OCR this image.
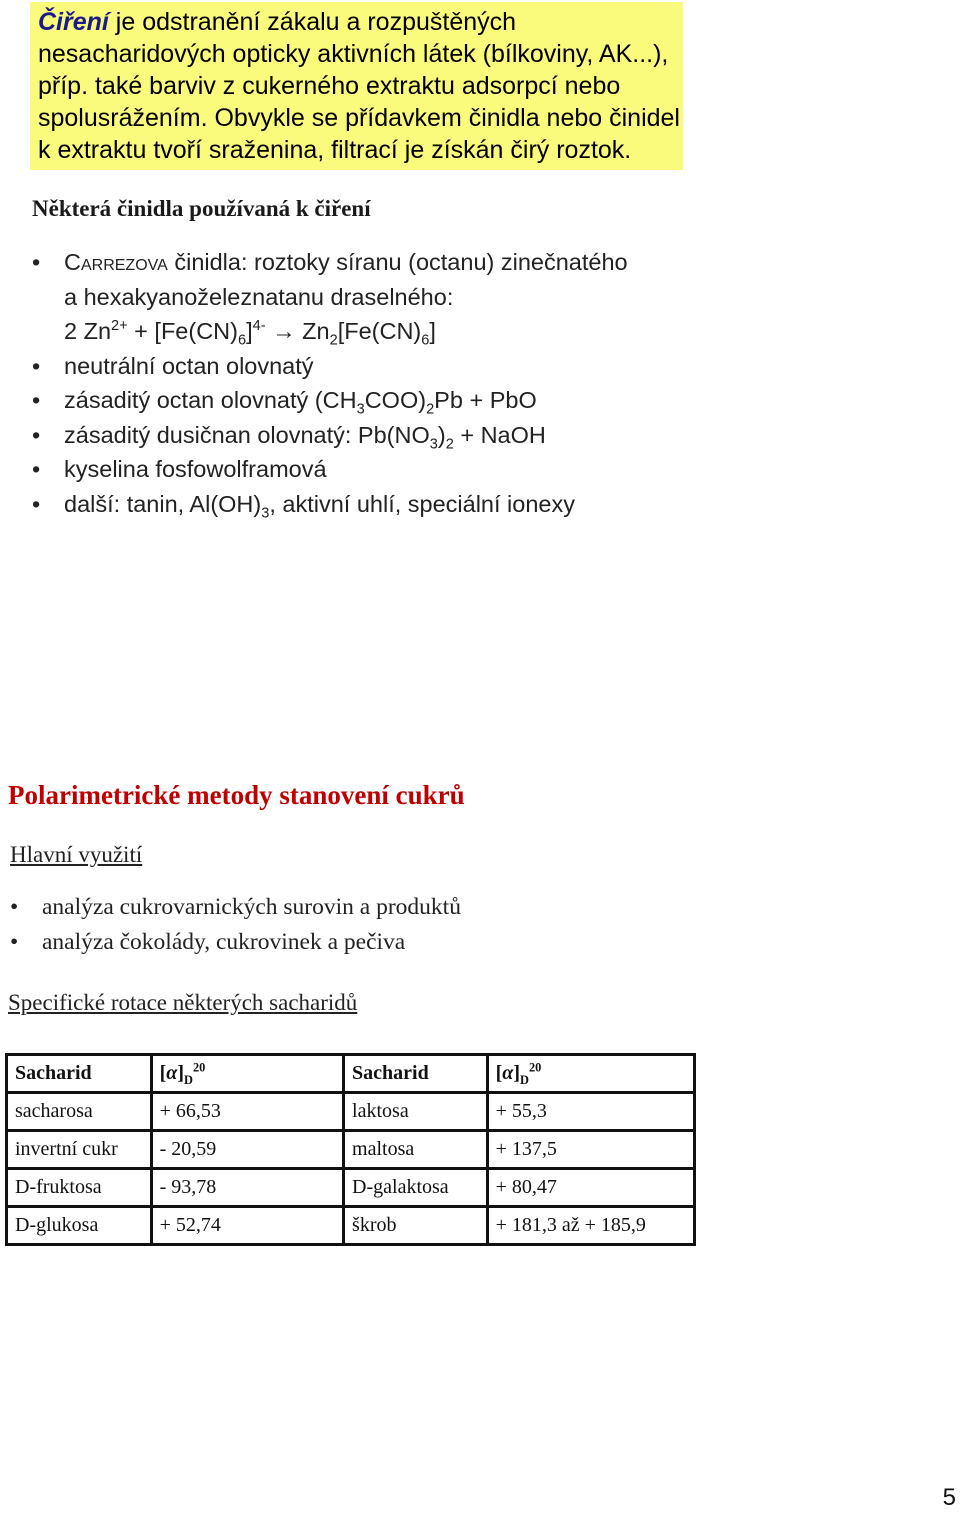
Čiření je odstranění zákalu a rozpuštěných nesacharidových opticky aktivních látek (bílkoviny, AK...), příp. také barviv z cukerného extraktu adsorpcí nebo spolusrážením. Obvykle se přídavkem činidla nebo činidel k extraktu tvoří sraženina, filtrací je získán čirý roztok.

Některá činidla používaná k čiření
• Carrezova činidla: roztoky síranu (octanu) zinečnatého
a hexakyanoželeznatanu draselného:
2 $Zn^{2+} + [Fe(CN)_6]^{4-} \to Zn_2[Fe(CN)_6]$
• neutrální octan olovnatý
• zásaditý octan olovnatý $(CH_3COO)_2Pb$ + PbO
• zásaditý dusičnan olovnatý: $Pb(NO_3)_2$ + NaOH
• kyselina fosfowolframová
• další: tanin, $Al(OH)_3$, aktivní uhlí, speciální ionexy
Polarimetrické metody stanovení cukrů
Hlavní využití
• analýza cukrovarnických surovin a produktů
• analýza čokolády, cukrovinek a pečiva
Specifické rotace některých sacharidů
Sacharid	$[\alpha]_D^{20}$	Sacharid	$[\alpha]_D^{20}$
sacharosa	+ 66,53	laktosa	+ 55,3
invertní cukr	- 20,59	maltosa	+ 137,5
D-fruktosa	- 93,78	D-galaktosa	+ 80,47
D-glukosa	+ 52,74	škrob	+ 181,3 až + 185,9
5
